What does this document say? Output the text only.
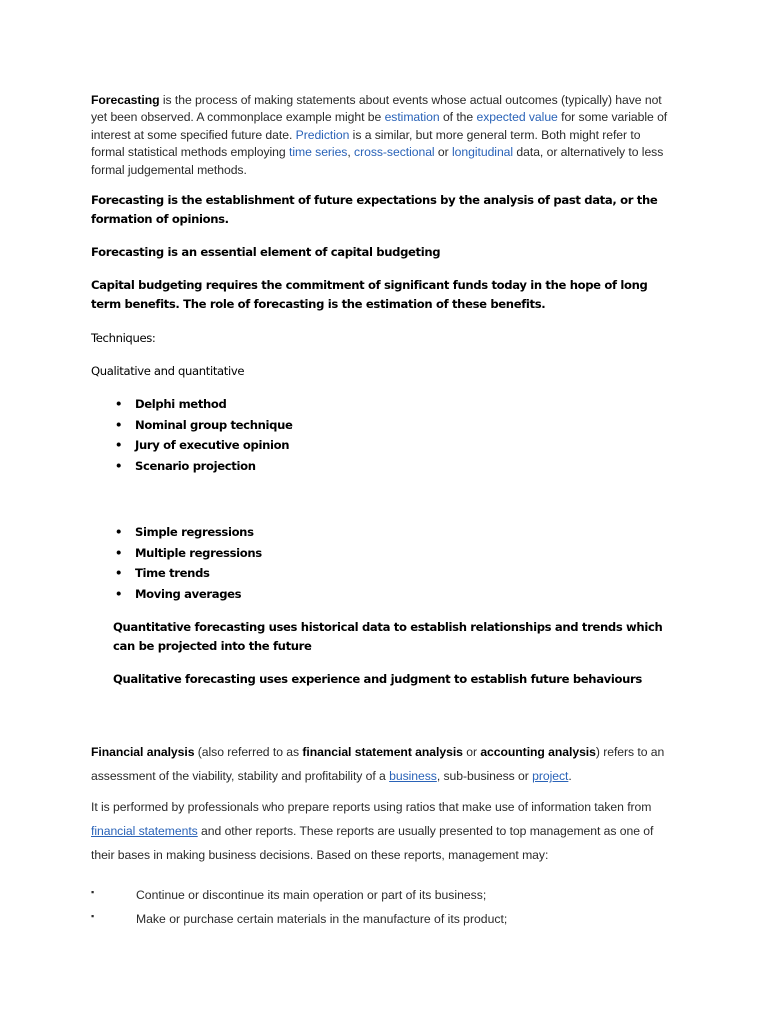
Forecasting is the process of making statements about events whose actual outcomes (typically) have not yet been observed. A commonplace example might be estimation of the expected value for some variable of interest at some specified future date. Prediction is a similar, but more general term. Both might refer to formal statistical methods employing time series, cross-sectional or longitudinal data, or alternatively to less formal judgemental methods.

Forecasting is the establishment of future expectations by the analysis of past data, or the formation of opinions.

Forecasting is an essential element of capital budgeting

Capital budgeting requires the commitment of significant funds today in the hope of long term benefits. The role of forecasting is the estimation of these benefits.

Techniques:

Qualitative and quantitative

• Delphi method
• Nominal group technique
• Jury of executive opinion
• Scenario projection
• Simple regressions
• Multiple regressions
• Time trends
• Moving averages

Quantitative forecasting uses historical data to establish relationships and trends which can be projected into the future

Qualitative forecasting uses experience and judgment to establish future behaviours

Financial analysis (also referred to as financial statement analysis or accounting analysis) refers to an assessment of the viability, stability and profitability of a business, sub-business or project.

It is performed by professionals who prepare reports using ratios that make use of information taken from financial statements and other reports. These reports are usually presented to top management as one of their bases in making business decisions. Based on these reports, management may:

▪	Continue or discontinue its main operation or part of its business;
▪	Make or purchase certain materials in the manufacture of its product;
